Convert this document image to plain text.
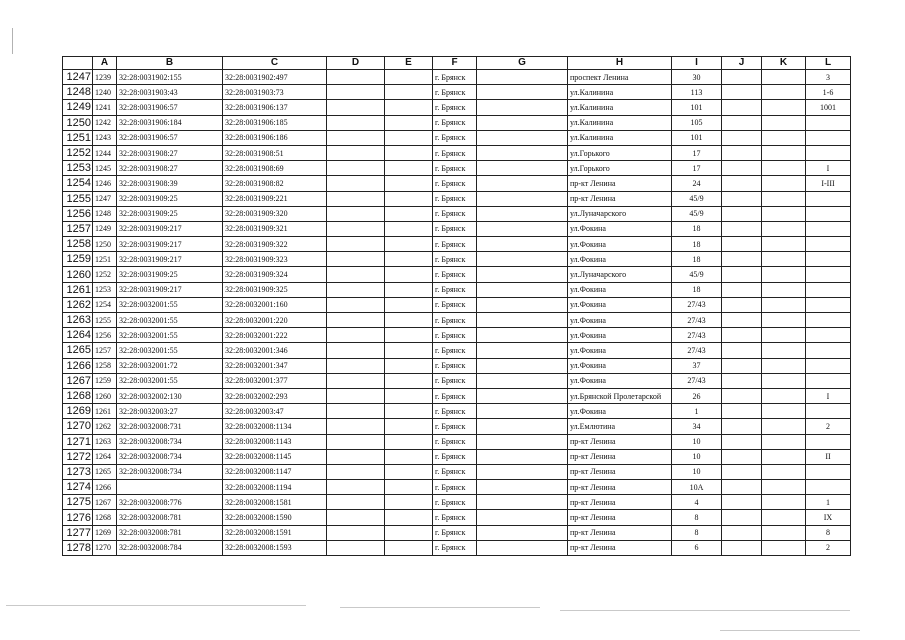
	A	B	C	D	E	F	G	H	I	J	K	L
1247	1239	32:28:0031902:155	32:28:0031902:497			г. Брянск		проспект Ленина	30			3
1248	1240	32:28:0031903:43	32:28:0031903:73			г. Брянск		ул.Калинина	113			1-6
1249	1241	32:28:0031906:57	32:28:0031906:137			г. Брянск		ул.Калинина	101			1001
1250	1242	32:28:0031906:184	32:28:0031906:185			г. Брянск		ул.Калинина	105			
1251	1243	32:28:0031906:57	32:28:0031906:186			г. Брянск		ул.Калинина	101			
1252	1244	32:28:0031908:27	32:28:0031908:51			г. Брянск		ул.Горького	17			
1253	1245	32:28:0031908:27	32:28:0031908:69			г. Брянск		ул.Горького	17			I
1254	1246	32:28:0031908:39	32:28:0031908:82			г. Брянск		пр-кт Ленина	24			I-III
1255	1247	32:28:0031909:25	32:28:0031909:221			г. Брянск		пр-кт Ленина	45/9			
1256	1248	32:28:0031909:25	32:28:0031909:320			г. Брянск		ул.Луначарского	45/9			
1257	1249	32:28:0031909:217	32:28:0031909:321			г. Брянск		ул.Фокина	18			
1258	1250	32:28:0031909:217	32:28:0031909:322			г. Брянск		ул.Фокина	18			
1259	1251	32:28:0031909:217	32:28:0031909:323			г. Брянск		ул.Фокина	18			
1260	1252	32:28:0031909:25	32:28:0031909:324			г. Брянск		ул.Луначарского	45/9			
1261	1253	32:28:0031909:217	32:28:0031909:325			г. Брянск		ул.Фокина	18			
1262	1254	32:28:0032001:55	32:28:0032001:160			г. Брянск		ул.Фокина	27/43			
1263	1255	32:28:0032001:55	32:28:0032001:220			г. Брянск		ул.Фокина	27/43			
1264	1256	32:28:0032001:55	32:28:0032001:222			г. Брянск		ул.Фокина	27/43			
1265	1257	32:28:0032001:55	32:28:0032001:346			г. Брянск		ул.Фокина	27/43			
1266	1258	32:28:0032001:72	32:28:0032001:347			г. Брянск		ул.Фокина	37			
1267	1259	32:28:0032001:55	32:28:0032001:377			г. Брянск		ул.Фокина	27/43			
1268	1260	32:28:0032002:130	32:28:0032002:293			г. Брянск		ул.Брянской Пролетарской	26			I
1269	1261	32:28:0032003:27	32:28:0032003:47			г. Брянск		ул.Фокина	1			
1270	1262	32:28:0032008:731	32:28:0032008:1134			г. Брянск		ул.Емлютина	34			2
1271	1263	32:28:0032008:734	32:28:0032008:1143			г. Брянск		пр-кт Ленина	10			
1272	1264	32:28:0032008:734	32:28:0032008:1145			г. Брянск		пр-кт Ленина	10			II
1273	1265	32:28:0032008:734	32:28:0032008:1147			г. Брянск		пр-кт Ленина	10			
1274	1266		32:28:0032008:1194			г. Брянск		пр-кт Ленина	10А			
1275	1267	32:28:0032008:776	32:28:0032008:1581			г. Брянск		пр-кт Ленина	4			1
1276	1268	32:28:0032008:781	32:28:0032008:1590			г. Брянск		пр-кт Ленина	8			IX
1277	1269	32:28:0032008:781	32:28:0032008:1591			г. Брянск		пр-кт Ленина	8			8
1278	1270	32:28:0032008:784	32:28:0032008:1593			г. Брянск		пр-кт Ленина	6			2
